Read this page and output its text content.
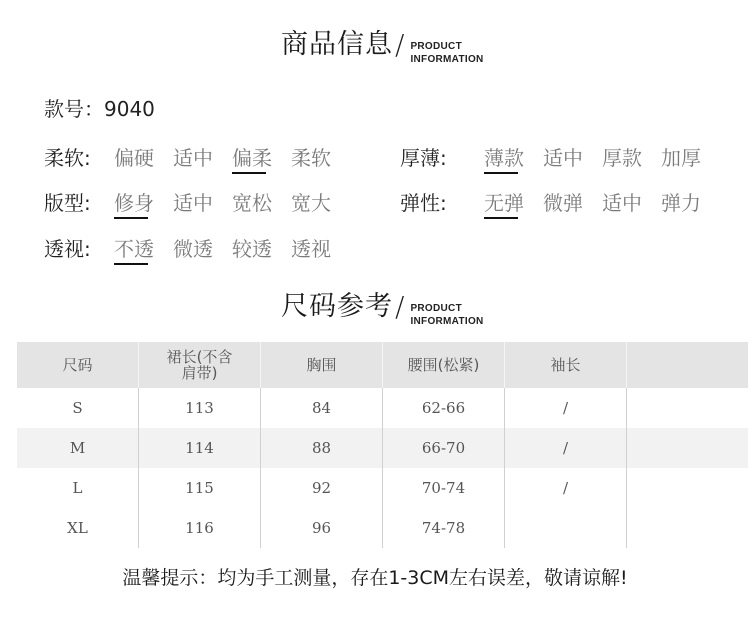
商品信息 / PRODUCT
INFORMATION
款号：9040
柔软:	偏硬 适中 偏柔 柔软	厚薄:	薄款 适中 厚款 加厚
版型:	修身 适中 宽松 宽大	弹性:	无弹 微弹 适中 弹力
透视:	不透 微透 较透 透视
尺码参考 / PRODUCT
INFORMATION
尺码	裙长(不含肩带)	胸围	腰围(松紧)	袖长	
S	113	84	62-66	/	
M	114	88	66-70	/	
L	115	92	70-74	/	
XL	116	96	74-78		
温馨提示：均为手工测量，存在1-3CM左右误差，敬请谅解!
